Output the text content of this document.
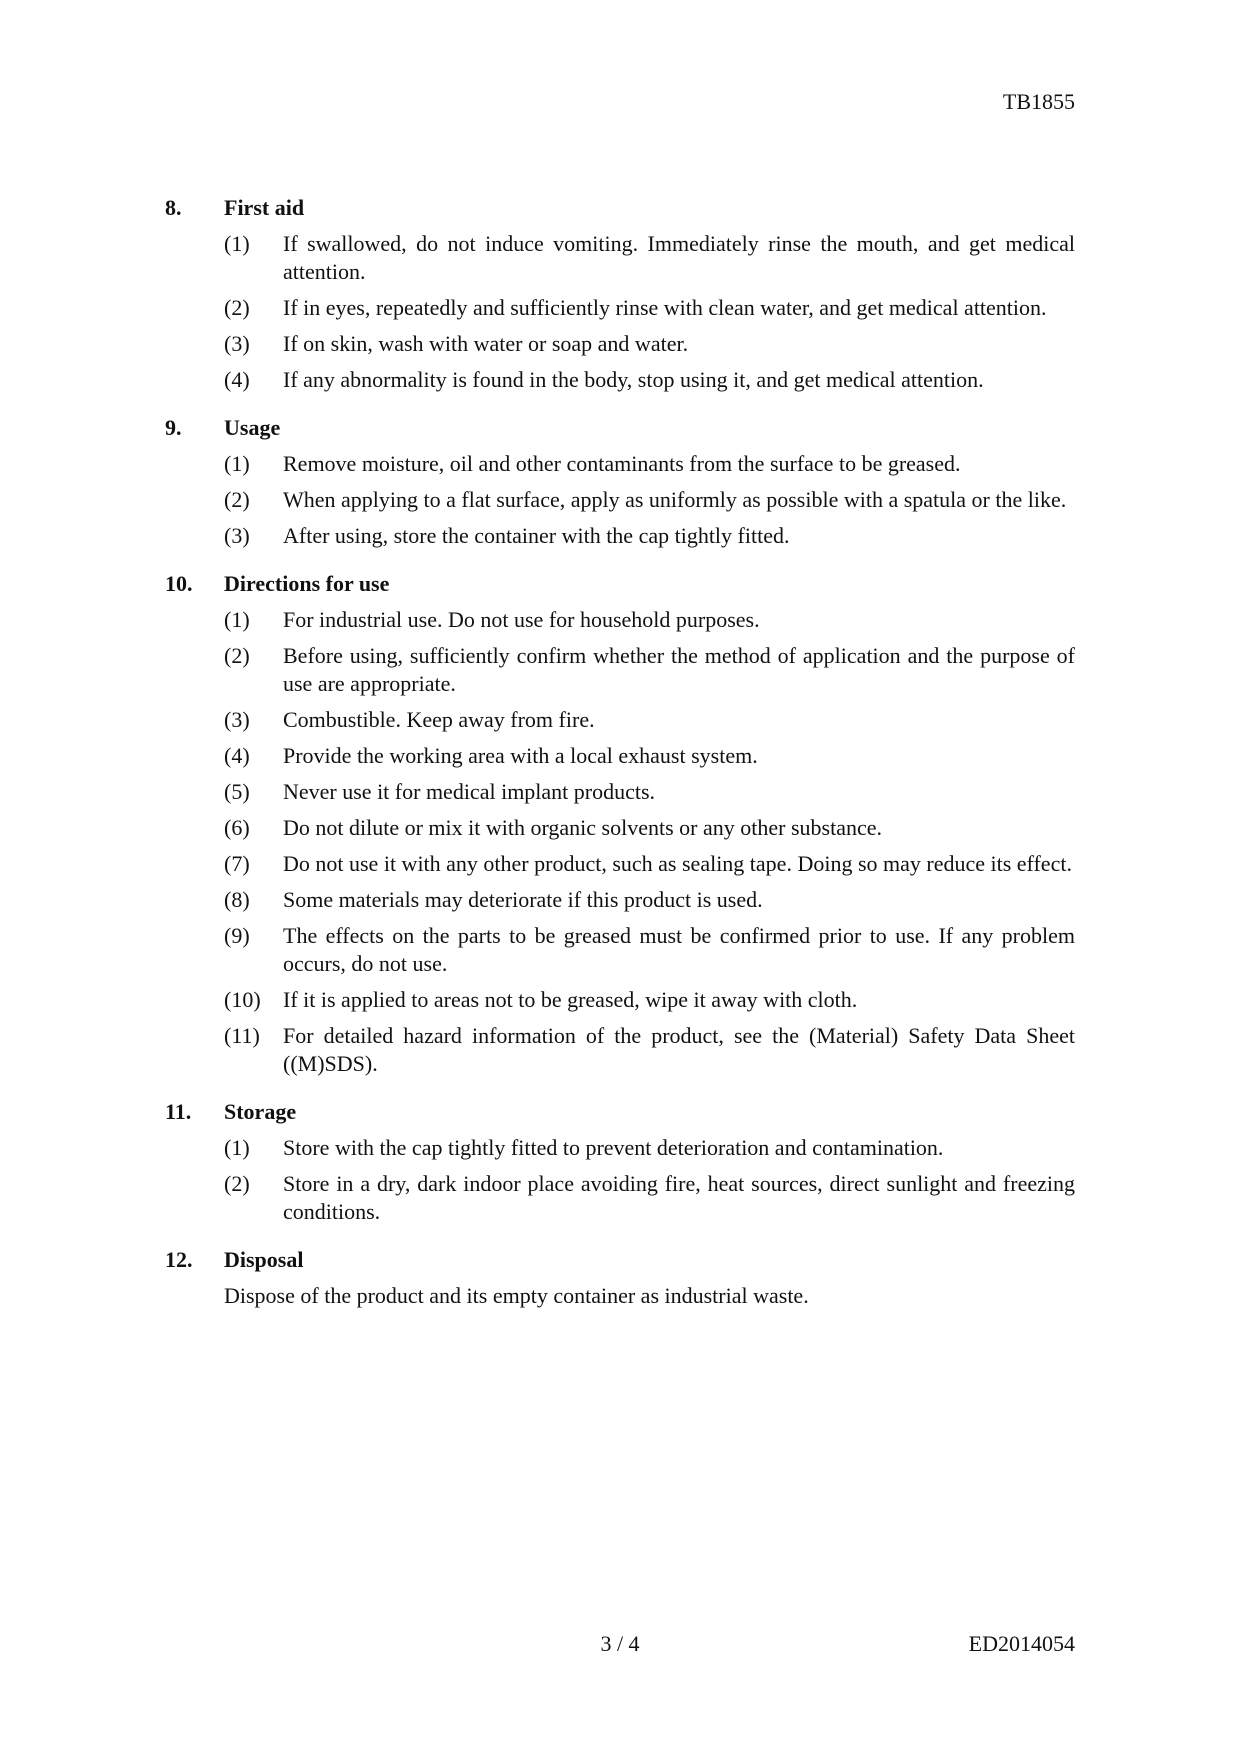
TB1855
8.	First aid
(1)	If swallowed, do not induce vomiting. Immediately rinse the mouth, and get medical attention.
(2)	If in eyes, repeatedly and sufficiently rinse with clean water, and get medical attention.
(3)	If on skin, wash with water or soap and water.
(4)	If any abnormality is found in the body, stop using it, and get medical attention.
9.	Usage
(1)	Remove moisture, oil and other contaminants from the surface to be greased.
(2)	When applying to a flat surface, apply as uniformly as possible with a spatula or the like.
(3)	After using, store the container with the cap tightly fitted.
10.	Directions for use
(1)	For industrial use. Do not use for household purposes.
(2)	Before using, sufficiently confirm whether the method of application and the purpose of use are appropriate.
(3)	Combustible. Keep away from fire.
(4)	Provide the working area with a local exhaust system.
(5)	Never use it for medical implant products.
(6)	Do not dilute or mix it with organic solvents or any other substance.
(7)	Do not use it with any other product, such as sealing tape. Doing so may reduce its effect.
(8)	Some materials may deteriorate if this product is used.
(9)	The effects on the parts to be greased must be confirmed prior to use. If any problem occurs, do not use.
(10)	If it is applied to areas not to be greased, wipe it away with cloth.
(11)	For detailed hazard information of the product, see the (Material) Safety Data Sheet ((M)SDS).
11.	Storage
(1)	Store with the cap tightly fitted to prevent deterioration and contamination.
(2)	Store in a dry, dark indoor place avoiding fire, heat sources, direct sunlight and freezing conditions.
12.	Disposal
Dispose of the product and its empty container as industrial waste.
3 / 4	ED2014054
